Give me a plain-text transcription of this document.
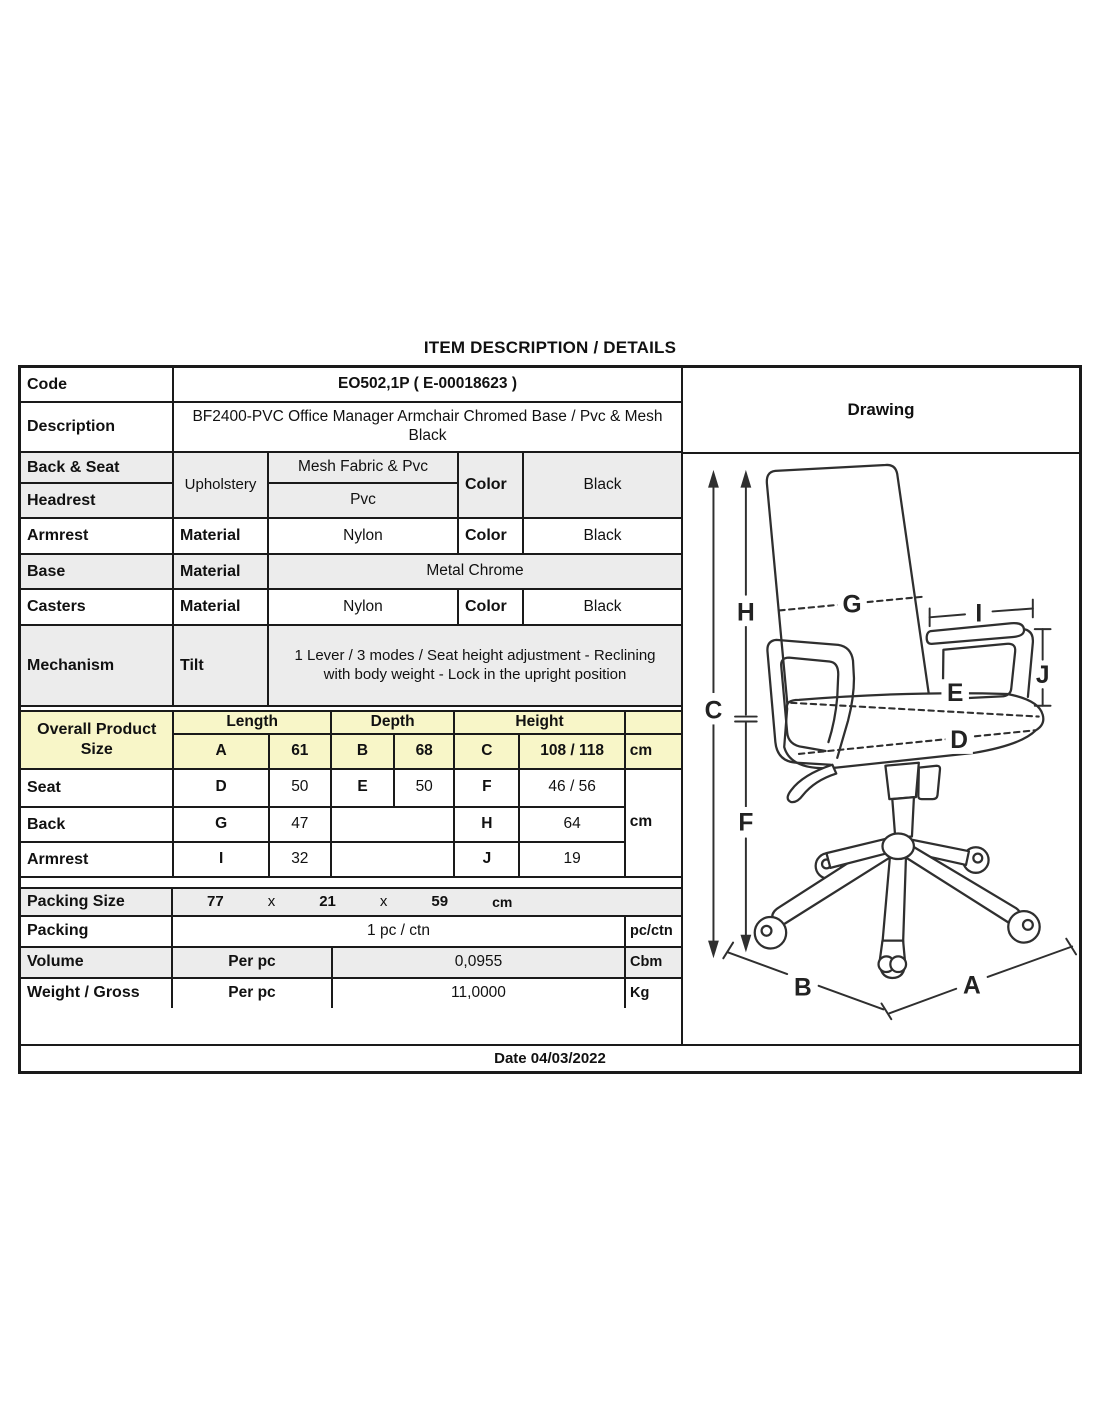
ITEM DESCRIPTION / DETAILS
Code	EO502,1P ( E-00018623 )			
Description	BF2400-PVC Office Manager Armchair Chromed Base / Pvc & Mesh Black			
Back & Seat	Upholstery	Mesh Fabric & Pvc	Color	Black
Headrest		Pvc		
Armrest	Material	Nylon	Color	Black
Base	Material	Metal Chrome		
Casters	Material	Nylon	Color	Black
Mechanism	Tilt	1 Lever / 3 modes / Seat height adjustment - Reclining with body weight - Lock in the upright position		
Overall Product Size	Length		Depth		Height		
	A	61	B	68	C	108 / 118	cm
Seat	D	50	E	50	F	46 / 56	cm
Back	G	47			H	64	
Armrest	I	32			J	19	
Packing Size	77	x	21	x	59	cm
Packing	1 pc / ctn	pc/ctn
Volume	Per pc	0,0955	Cbm
Weight / Gross	Per pc	11,0000	Kg
Drawing
C
H
F
G	I
J
E
D
B	A
Date 04/03/2022
